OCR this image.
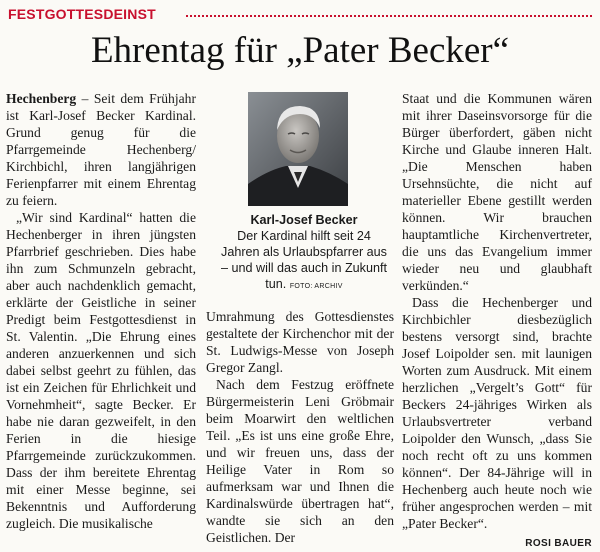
FESTGOTTESDEINST
Ehrentag für „Pater Becker“

Hechenberg – Seit dem Frühjahr ist Karl-Josef Becker Kardinal. Grund genug für die Pfarrgemeinde Hechenberg/ Kirchbichl, ihren langjährigen Ferienpfarrer mit einem Ehrentag zu feiern.

„Wir sind Kardinal“ hatten die Hechenberger in ihren jüngsten Pfarrbrief geschrieben. Dies habe ihn zum Schmunzeln gebracht, aber auch nachdenklich gemacht, erklärte der Geistliche in seiner Predigt beim Festgottesdienst in St. Valentin. „Die Ehrung eines anderen anzuerkennen und sich dabei selbst geehrt zu fühlen, das ist ein Zeichen für Ehrlichkeit und Vornehmheit“, sagte Becker. Er habe nie daran gezweifelt, in den Ferien in die hiesige Pfarrgemeinde zurückzukommen. Dass der ihm bereitete Ehrentag mit einer Messe beginne, sei Bekenntnis und Aufforderung zugleich. Die musikalische

Karl-Josef Becker
Der Kardinal hilft seit 24 Jahren als Urlaubspfarrer aus – und will das auch in Zukunft tun. FOTO: ARCHIV

Umrahmung des Gottesdienstes gestaltete der Kirchenchor mit der St. Ludwigs-Messe von Joseph Gregor Zangl.

Nach dem Festzug eröffnete Bürgermeisterin Leni Gröbmair beim Moarwirt den weltlichen Teil. „Es ist uns eine große Ehre, und wir freuen uns, dass der Heilige Vater in Rom so aufmerksam war und Ihnen die Kardinalswürde übertragen hat“, wandte sie sich an den Geistlichen. Der

Staat und die Kommunen wären mit ihrer Daseinsvorsorge für die Bürger überfordert, gäben nicht Kirche und Glaube inneren Halt. „Die Menschen haben Ursehnsüchte, die nicht auf materieller Ebene gestillt werden können. Wir brauchen hauptamtliche Kirchenvertreter, die uns das Evangelium immer wieder neu und glaubhaft verkünden.“

Dass die Hechenberger und Kirchbichler diesbezüglich bestens versorgt sind, brachte Josef Loipolder sen. mit launigen Worten zum Ausdruck. Mit einem herzlichen „Vergelt’s Gott“ für Beckers 24-jähriges Wirken als Urlaubsvertreter verband Loipolder den Wunsch, „dass Sie noch recht oft zu uns kommen können“. Der 84-Jährige will in Hechenberg auch heute noch wie früher angesprochen werden – mit „Pater Becker“.

ROSI BAUER
